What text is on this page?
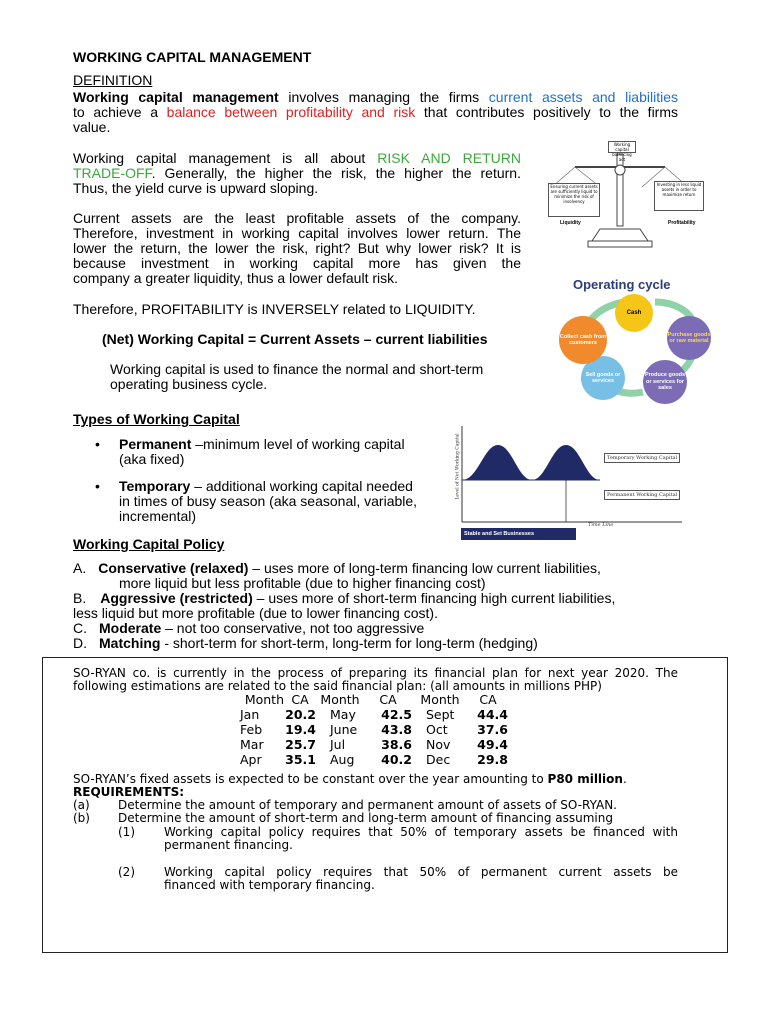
WORKING CAPITAL MANAGEMENT
DEFINITION
Working capital management involves managing the firms current assets and liabilities
to achieve a balance between profitability and risk that contributes positively to the firms
value.
Working capital management is all about RISK AND RETURN
TRADE-OFF. Generally, the higher the risk, the higher the return.
Thus, the yield curve is upward sloping.
Current assets are the least profitable assets of the company.
Therefore, investment in working capital involves lower return. The
lower the return, the lower the risk, right? But why lower risk? It is
because investment in working capital more has given the
company a greater liquidity, thus a lower default risk.
Therefore, PROFITABILITY is INVERSELY related to LIQUIDITY.
(Net) Working Capital = Current Assets – current liabilities
Working capital is used to finance the normal and short-term
operating business cycle.
Working capital balancing act
Ensuring current assets are sufficiently liquid to minimize the risk of insolvency
Investing in less liquid assets in order to maximize return
Liquidity	Profitability
Operating cycle
Cash
Purchase goods or raw material
Produce goods or services for sales
Sell goods or services
Collect cash from customers
Types of Working Capital
• Permanent –minimum level of working capital
(aka fixed)
• Temporary – additional working capital needed
in times of busy season (aka seasonal, variable,
incremental)
Level of Net Working Capital	Temporary Working Capital
Permanent Working Capital
Time Line
Stable and Set Businesses
Working Capital Policy
A. Conservative (relaxed) – uses more of long-term financing low current liabilities,
more liquid but less profitable (due to higher financing cost)
B. Aggressive (restricted) – uses more of short-term financing high current liabilities,
less liquid but more profitable (due to lower financing cost).
C. Moderate – not too conservative, not too aggressive
D. Matching - short-term for short-term, long-term for long-term (hedging)
SO-RYAN co. is currently in the process of preparing its financial plan for next year 2020. The
following estimations are related to the said financial plan: (all amounts in millions PHP)
Month	CA	Month	CA	Month	CA
Jan	20.2	May	42.5	Sept	44.4
Feb	19.4	June	43.8	Oct	37.6
Mar	25.7	Jul	38.6	Nov	49.4
Apr	35.1	Aug	40.2	Dec	29.8
SO-RYAN’s fixed assets is expected to be constant over the year amounting to P80 million.
REQUIREMENTS:
(a) Determine the amount of temporary and permanent amount of assets of SO-RYAN.
(b) Determine the amount of short-term and long-term amount of financing assuming
(1) Working capital policy requires that 50% of temporary assets be financed with
permanent financing.
(2) Working capital policy requires that 50% of permanent current assets be
financed with temporary financing.
